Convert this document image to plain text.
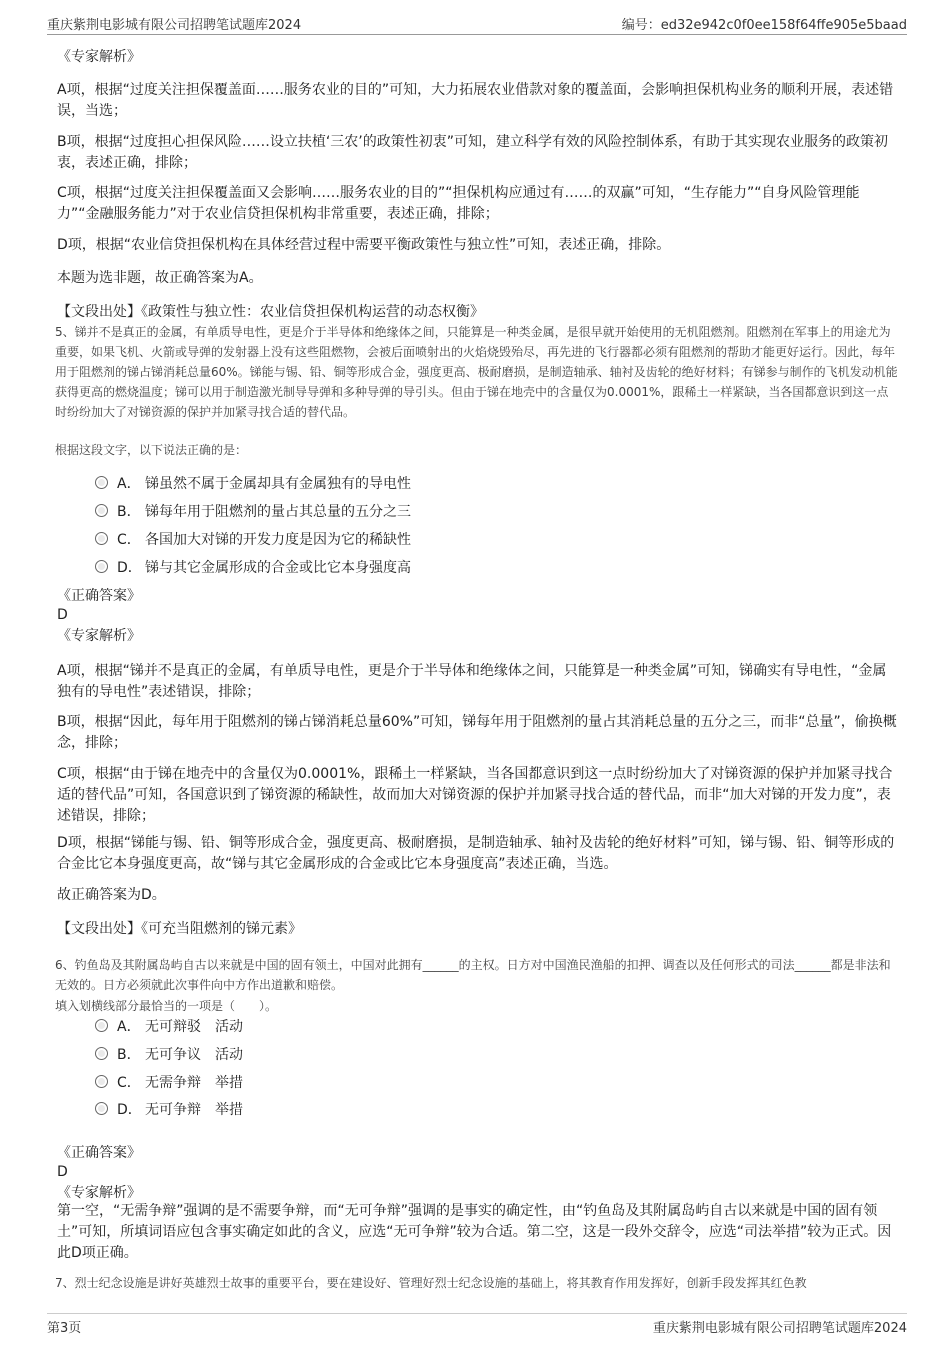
重庆紫荆电影城有限公司招聘笔试题库2024	编号：ed32e942c0f0ee158f64ffe905e5baad

《专家解析》

A项，根据“过度关注担保覆盖面……服务农业的目的”可知，大力拓展农业借款对象的覆盖面，会影响担保机构业务的顺利开展，表述错误，当选；

B项，根据“过度担心担保风险……设立扶植‘三农’的政策性初衷”可知，建立科学有效的风险控制体系，有助于其实现农业服务的政策初衷，表述正确，排除；

C项，根据“过度关注担保覆盖面又会影响……服务农业的目的”“担保机构应通过有……的双赢”可知，“生存能力”“自身风险管理能力”“金融服务能力”对于农业信贷担保机构非常重要，表述正确，排除；

D项，根据“农业信贷担保机构在具体经营过程中需要平衡政策性与独立性”可知，表述正确，排除。

本题为选非题，故正确答案为A。

【文段出处】《政策性与独立性：农业信贷担保机构运营的动态权衡》

5、锑并不是真正的金属，有单质导电性，更是介于半导体和绝缘体之间，只能算是一种类金属，是很早就开始使用的无机阻燃剂。阻燃剂在军事上的用途尤为重要，如果飞机、火箭或导弹的发射器上没有这些阻燃物，会被后面喷射出的火焰烧毁殆尽，再先进的飞行器都必须有阻燃剂的帮助才能更好运行。因此，每年用于阻燃剂的锑占锑消耗总量60%。锑能与锡、铅、铜等形成合金，强度更高、极耐磨损，是制造轴承、轴衬及齿轮的绝好材料；有锑参与制作的飞机发动机能获得更高的燃烧温度；锑可以用于制造激光制导导弹和多种导弹的导引头。但由于锑在地壳中的含量仅为0.0001%，跟稀土一样紧缺，当各国都意识到这一点时纷纷加大了对锑资源的保护并加紧寻找合适的替代品。

根据这段文字，以下说法正确的是：

A． 锑虽然不属于金属却具有金属独有的导电性
B． 锑每年用于阻燃剂的量占其总量的五分之三
C． 各国加大对锑的开发力度是因为它的稀缺性
D． 锑与其它金属形成的合金或比它本身强度高

《正确答案》

D

《专家解析》

A项，根据“锑并不是真正的金属，有单质导电性，更是介于半导体和绝缘体之间，只能算是一种类金属”可知，锑确实有导电性，“金属独有的导电性”表述错误，排除；

B项，根据“因此，每年用于阻燃剂的锑占锑消耗总量60%”可知，锑每年用于阻燃剂的量占其消耗总量的五分之三，而非“总量”，偷换概念，排除；

C项，根据“由于锑在地壳中的含量仅为0.0001%，跟稀土一样紧缺，当各国都意识到这一点时纷纷加大了对锑资源的保护并加紧寻找合适的替代品”可知，各国意识到了锑资源的稀缺性，故而加大对锑资源的保护并加紧寻找合适的替代品，而非“加大对锑的开发力度”，表述错误，排除；

D项，根据“锑能与锡、铅、铜等形成合金，强度更高、极耐磨损，是制造轴承、轴衬及齿轮的绝好材料”可知，锑与锡、铅、铜等形成的合金比它本身强度更高，故“锑与其它金属形成的合金或比它本身强度高”表述正确，当选。

故正确答案为D。

【文段出处】《可充当阻燃剂的锑元素》

6、钓鱼岛及其附属岛屿自古以来就是中国的固有领土，中国对此拥有______的主权。日方对中国渔民渔船的扣押、调查以及任何形式的司法______都是非法和无效的。日方必须就此次事件向中方作出道歉和赔偿。

填入划横线部分最恰当的一项是（　　）。

A． 无可辩驳　活动
B． 无可争议　活动
C． 无需争辩　举措
D． 无可争辩　举措

《正确答案》

D

《专家解析》

第一空，“无需争辩”强调的是不需要争辩，而“无可争辩”强调的是事实的确定性，由“钓鱼岛及其附属岛屿自古以来就是中国的固有领土”可知，所填词语应包含事实确定如此的含义，应选“无可争辩”较为合适。第二空，这是一段外交辞令，应选“司法举措”较为正式。因此D项正确。

7、烈士纪念设施是讲好英雄烈士故事的重要平台，要在建设好、管理好烈士纪念设施的基础上，将其教育作用发挥好，创新手段发挥其红色教

第3页	重庆紫荆电影城有限公司招聘笔试题库2024
